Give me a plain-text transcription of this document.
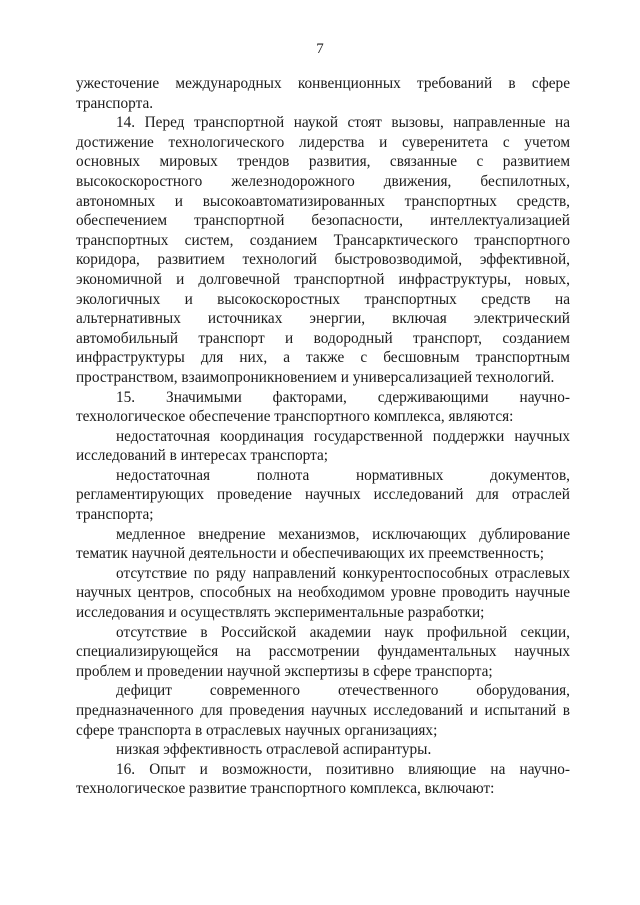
7

ужесточение международных конвенционных требований в сфере транспорта.

14. Перед транспортной наукой стоят вызовы, направленные на достижение технологического лидерства и суверенитета с учетом основных мировых трендов развития, связанные с развитием высокоскоростного железнодорожного движения, беспилотных, автономных и высокоавтоматизированных транспортных средств, обеспечением транспортной безопасности, интеллектуализацией транспортных систем, созданием Трансарктического транспортного коридора, развитием технологий быстровозводимой, эффективной, экономичной и долговечной транспортной инфраструктуры, новых, экологичных и высокоскоростных транспортных средств на альтернативных источниках энергии, включая электрический автомобильный транспорт и водородный транспорт, созданием инфраструктуры для них, а также с бесшовным транспортным пространством, взаимопроникновением и универсализацией технологий.

15. Значимыми факторами, сдерживающими научно-технологическое обеспечение транспортного комплекса, являются:

недостаточная координация государственной поддержки научных исследований в интересах транспорта;

недостаточная полнота нормативных документов, регламентирующих проведение научных исследований для отраслей транспорта;

медленное внедрение механизмов, исключающих дублирование тематик научной деятельности и обеспечивающих их преемственность;

отсутствие по ряду направлений конкурентоспособных отраслевых научных центров, способных на необходимом уровне проводить научные исследования и осуществлять экспериментальные разработки;

отсутствие в Российской академии наук профильной секции, специализирующейся на рассмотрении фундаментальных научных проблем и проведении научной экспертизы в сфере транспорта;

дефицит современного отечественного оборудования, предназначенного для проведения научных исследований и испытаний в сфере транспорта в отраслевых научных организациях;

низкая эффективность отраслевой аспирантуры.

16. Опыт и возможности, позитивно влияющие на научно-технологическое развитие транспортного комплекса, включают:
